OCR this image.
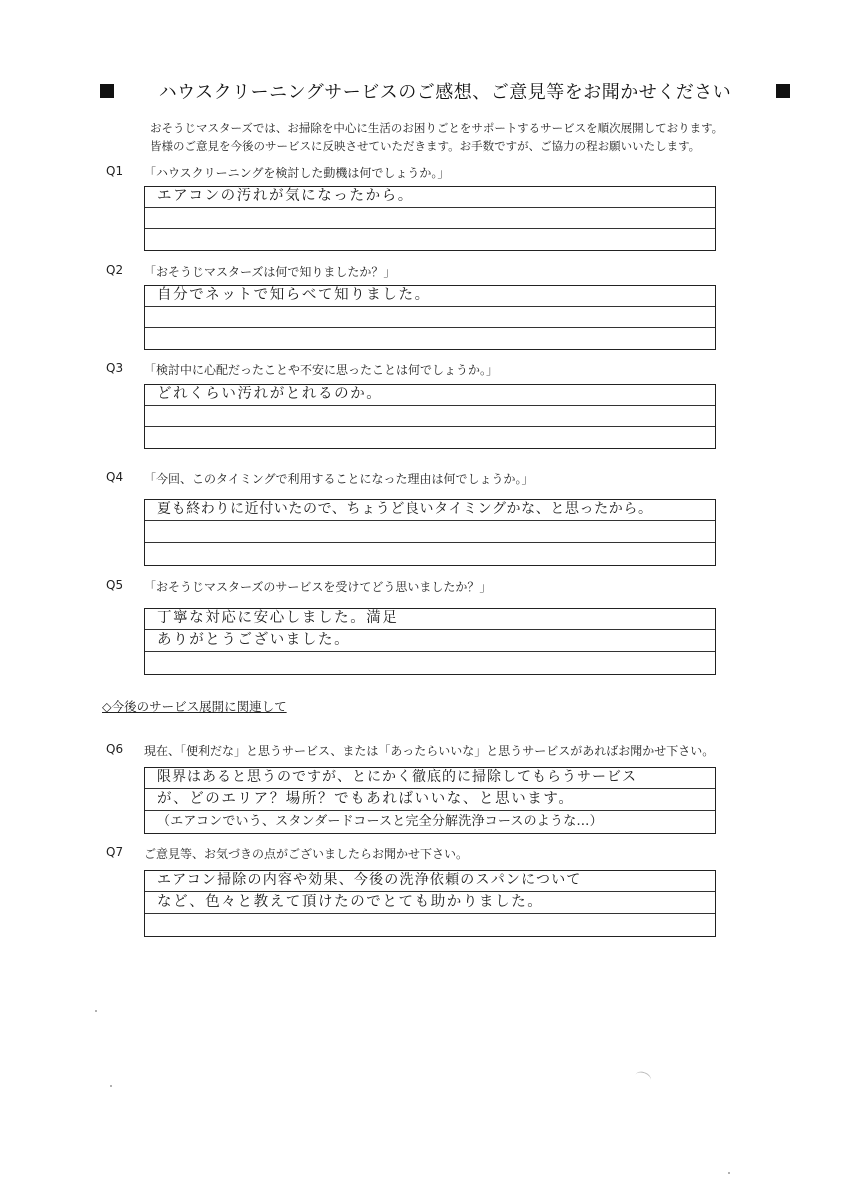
ハウスクリーニングサービスのご感想、ご意見等をお聞かせください
おそうじマスターズでは、お掃除を中心に生活のお困りごとをサポートするサービスを順次展開しております。
皆様のご意見を今後のサービスに反映させていただきます。お手数ですが、ご協力の程お願いいたします。
Q1 「ハウスクリーニングを検討した動機は何でしょうか。」
エアコンの汚れが気になったから。
Q2 「おそうじマスターズは何で知りましたか？」
自分でネットで知らべて知りました。
Q3 「検討中に心配だったことや不安に思ったことは何でしょうか。」
どれくらい汚れがとれるのか。
Q4 「今回、このタイミングで利用することになった理由は何でしょうか。」
夏も終わりに近付いたので、ちょうど良いタイミングかな、と思ったから。
Q5 「おそうじマスターズのサービスを受けてどう思いましたか？」
丁寧な対応に安心しました。満足
ありがとうございました。
◇今後のサービス展開に関連して
Q6 現在、「便利だな」と思うサービス、または「あったらいいな」と思うサービスがあればお聞かせ下さい。
限界はあると思うのですが、とにかく徹底的に掃除してもらうサービス
が、どのエリア？場所？でもあればいいな、と思います。
（エアコンでいう、スタンダードコースと完全分解洗浄コースのような…）
Q7 ご意見等、お気づきの点がございましたらお聞かせ下さい。
エアコン掃除の内容や効果、今後の洗浄依頼のスパンについて
など、色々と教えて頂けたのでとても助かりました。
